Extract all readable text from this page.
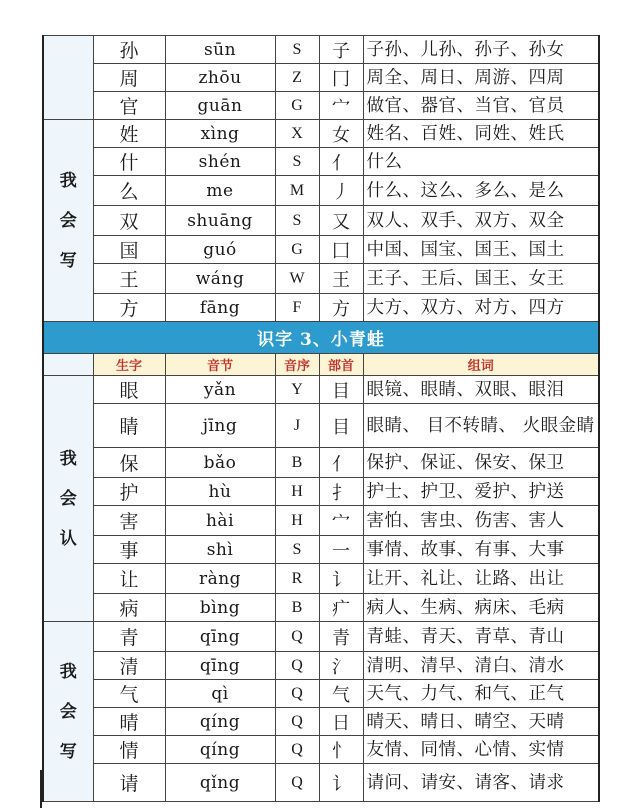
	孙	sūn	S	子	子孙、儿孙、孙子、孙女
	周	zhōu	Z	冂	周全、周日、周游、四周
	官	guān	G	宀	做官、器官、当官、官员

我
会
写	姓	xìng	X	女	姓名、百姓、同姓、姓氏
	什	shén	S	亻	什么
	么	me	M	丿	什么、这么、多么、是么
	双	shuāng	S	又	双人、双手、双方、双全
	国	guó	G	囗	中国、国宝、国王、国土
	王	wáng	W	王	王子、王后、国王、女王
	方	fāng	F	方	大方、双方、对方、四方
识字 3、小青蛙					
	生字	音节	音序	部首	组词

我
会
认	眼	yǎn	Y	目	眼镜、眼睛、双眼、眼泪
	睛	jīng	J	目	眼睛、 目不转睛、 火眼金睛
	保	bǎo	B	亻	保护、保证、保安、保卫
	护	hù	H	扌	护士、护卫、爱护、护送
	害	hài	H	宀	害怕、害虫、伤害、害人
	事	shì	S	一	事情、故事、有事、大事
	让	ràng	R	讠	让开、礼让、让路、出让
	病	bìng	B	疒	病人、生病、病床、毛病

我
会
写	青	qīng	Q	青	青蛙、青天、青草、青山
	清	qīng	Q	氵	清明、清早、清白、清水
	气	qì	Q	气	天气、力气、和气、正气
	晴	qíng	Q	日	晴天、晴日、晴空、天晴
	情	qíng	Q	忄	友情、同情、心情、实情
	请	qǐng	Q	讠	请问、请安、请客、请求
